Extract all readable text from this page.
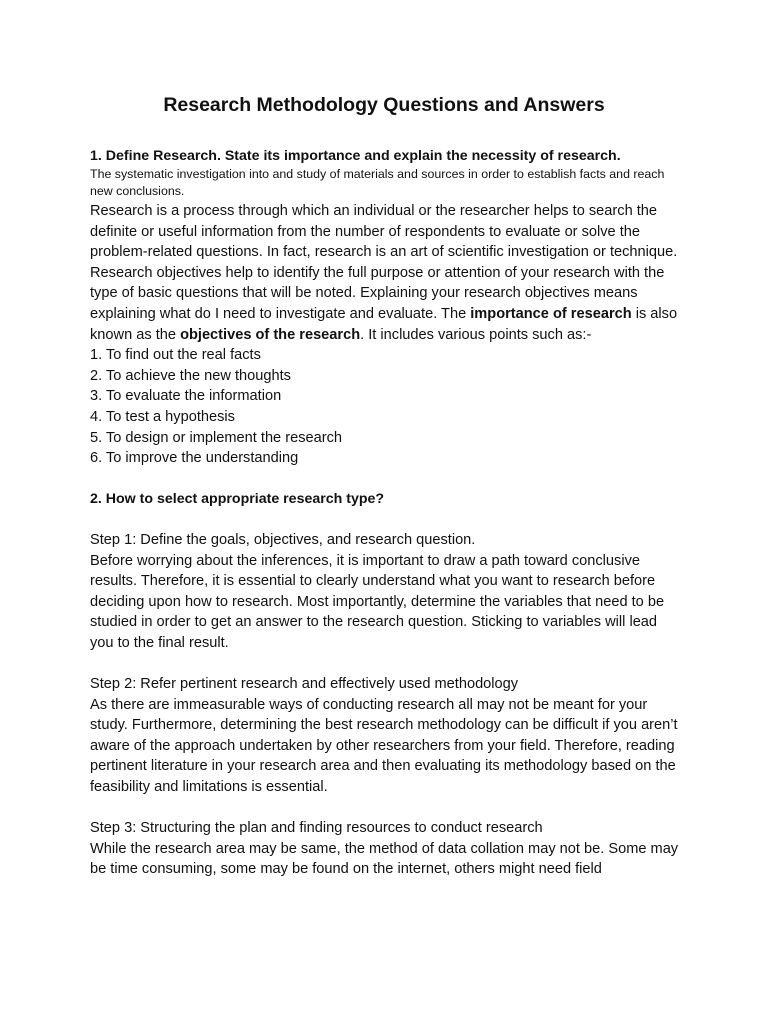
Research Methodology Questions and Answers

1. Define Research. State its importance and explain the necessity of research.

The systematic investigation into and study of materials and sources in order to establish facts and reach new conclusions.

Research is a process through which an individual or the researcher helps to search the definite or useful information from the number of respondents to evaluate or solve the problem-related questions. In fact, research is an art of scientific investigation or technique.

Research objectives help to identify the full purpose or attention of your research with the type of basic questions that will be noted. Explaining your research objectives means explaining what do I need to investigate and evaluate. The importance of research is also known as the objectives of the research. It includes various points such as:-

1. To find out the real facts
2. To achieve the new thoughts
3. To evaluate the information
4. To test a hypothesis
5. To design or implement the research
6. To improve the understanding

2. How to select appropriate research type?

Step 1: Define the goals, objectives, and research question.

Before worrying about the inferences, it is important to draw a path toward conclusive results. Therefore, it is essential to clearly understand what you want to research before deciding upon how to research. Most importantly, determine the variables that need to be studied in order to get an answer to the research question. Sticking to variables will lead you to the final result.

Step 2: Refer pertinent research and effectively used methodology

As there are immeasurable ways of conducting research all may not be meant for your study. Furthermore, determining the best research methodology can be difficult if you aren’t aware of the approach undertaken by other researchers from your field. Therefore, reading pertinent literature in your research area and then evaluating its methodology based on the feasibility and limitations is essential.

Step 3: Structuring the plan and finding resources to conduct research

While the research area may be same, the method of data collation may not be. Some may be time consuming, some may be found on the internet, others might need field
